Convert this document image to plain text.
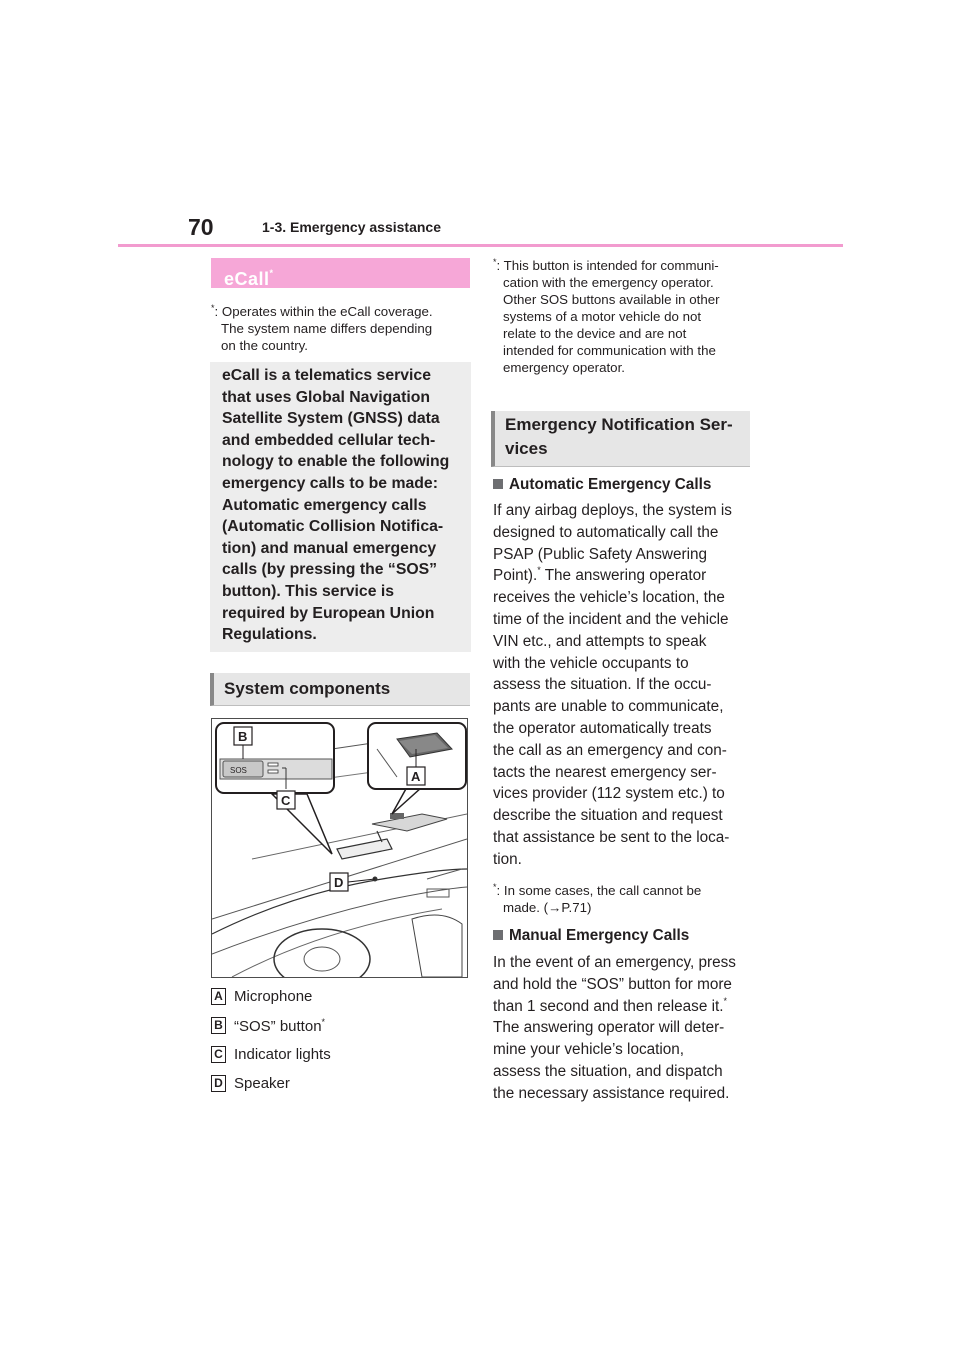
70	1-3. Emergency assistance
eCall*
*: Operates within the eCall coverage.
The system name differs depending
on the country.
eCall is a telematics service
that uses Global Navigation
Satellite System (GNSS) data
and embedded cellular tech-
nology to enable the following
emergency calls to be made:
Automatic emergency calls
(Automatic Collision Notifica-
tion) and manual emergency
calls (by pressing the “SOS”
button). This service is
required by European Union
Regulations.
System components
SOS
B
C
A
D
A Microphone
B “SOS” button*
C Indicator lights
D Speaker
*: This button is intended for communi-
cation with the emergency operator.
Other SOS buttons available in other
systems of a motor vehicle do not
relate to the device and are not
intended for communication with the
emergency operator.
Emergency Notification Ser-
vices
Automatic Emergency Calls
If any airbag deploys, the system is
designed to automatically call the
PSAP (Public Safety Answering
Point).* The answering operator
receives the vehicle’s location, the
time of the incident and the vehicle
VIN etc., and attempts to speak
with the vehicle occupants to
assess the situation. If the occu-
pants are unable to communicate,
the operator automatically treats
the call as an emergency and con-
tacts the nearest emergency ser-
vices provider (112 system etc.) to
describe the situation and request
that assistance be sent to the loca-
tion.
*: In some cases, the call cannot be
made. (→P.71)
Manual Emergency Calls
In the event of an emergency, press
and hold the “SOS” button for more
than 1 second and then release it.*
The answering operator will deter-
mine your vehicle’s location,
assess the situation, and dispatch
the necessary assistance required.
